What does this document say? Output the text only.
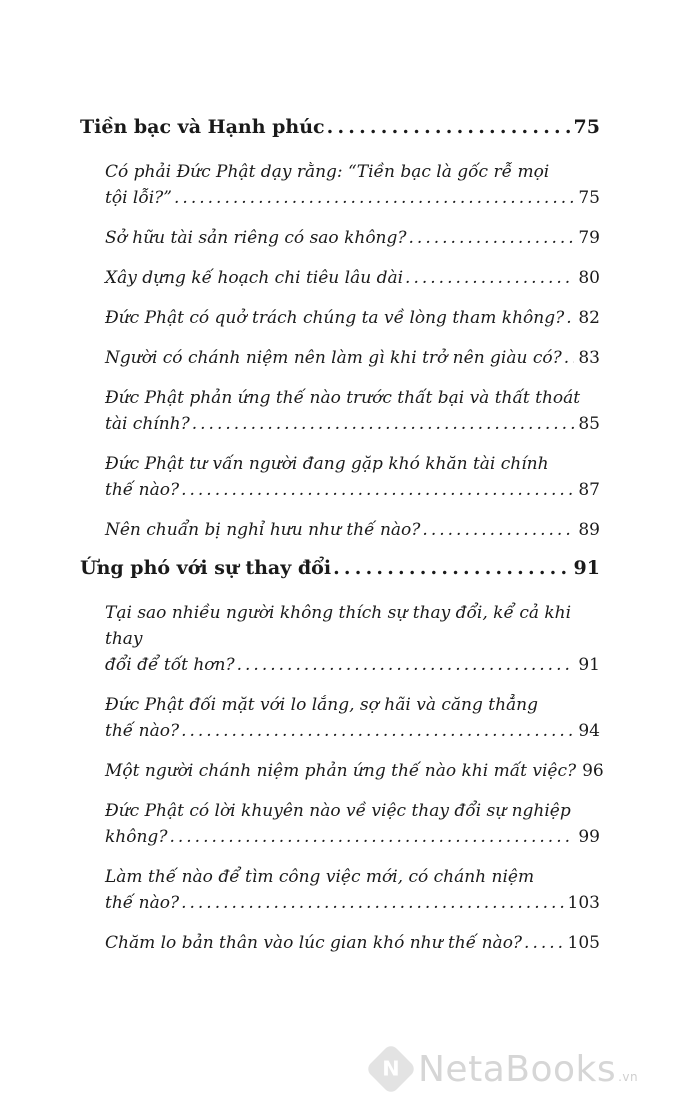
Tiền bạc và Hạnh phúc . . .	75
Có phải Đức Phật dạy rằng: “Tiền bạc là gốc rễ mọi
tội lỗi?” . . .	75
Sở hữu tài sản riêng có sao không? . . .	79
Xây dựng kế hoạch chi tiêu lâu dài . . .	80
Đức Phật có quở trách chúng ta về lòng tham không? . . . 82
Người có chánh niệm nên làm gì khi trở nên giàu có? . . . 83
Đức Phật phản ứng thế nào trước thất bại và thất thoát
tài chính? . . .	85
Đức Phật tư vấn người đang gặp khó khăn tài chính
thế nào? . . .	87
Nên chuẩn bị nghỉ hưu như thế nào? . . .	89
Ứng phó với sự thay đổi . . .	91
Tại sao nhiều người không thích sự thay đổi, kể cả khi thay
đổi để tốt hơn? . . .	91
Đức Phật đối mặt với lo lắng, sợ hãi và căng thẳng
thế nào? . . .	94
Một người chánh niệm phản ứng thế nào khi mất việc? 96
Đức Phật có lời khuyên nào về việc thay đổi sự nghiệp
không? . . .	99
Làm thế nào để tìm công việc mới, có chánh niệm
thế nào? . . .	103
Chăm lo bản thân vào lúc gian khó như thế nào? . . .	105
N NetaBooks .vn
